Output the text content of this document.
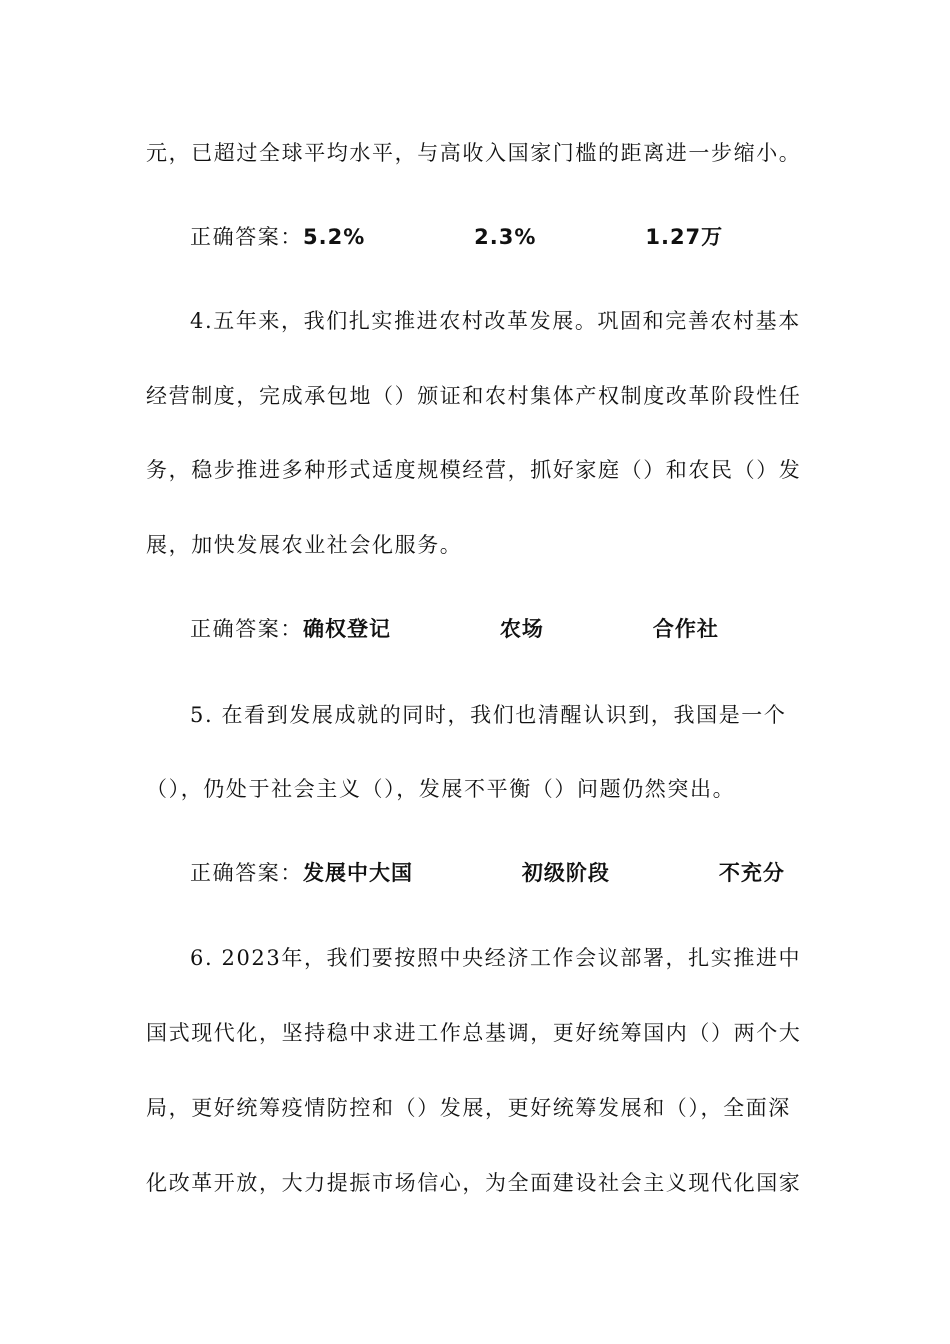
元，已超过全球平均水平，与高收入国家门槛的距离进一步缩小。
正确答案：5.2%   2.3%   1.27万
4.五年来，我们扎实推进农村改革发展。巩固和完善农村基本
经营制度，完成承包地（）颁证和农村集体产权制度改革阶段性任
务，稳步推进多种形式适度规模经营，抓好家庭（）和农民（）发
展，加快发展农业社会化服务。
正确答案：确权登记   农场   合作社
5. 在看到发展成就的同时，我们也清醒认识到，我国是一个
（），仍处于社会主义（），发展不平衡（）问题仍然突出。
正确答案：发展中大国   初级阶段   不充分
6. 2023年，我们要按照中央经济工作会议部署，扎实推进中
国式现代化，坚持稳中求进工作总基调，更好统筹国内（）两个大
局，更好统筹疫情防控和（）发展，更好统筹发展和（），全面深
化改革开放，大力提振市场信心，为全面建设社会主义现代化国家
